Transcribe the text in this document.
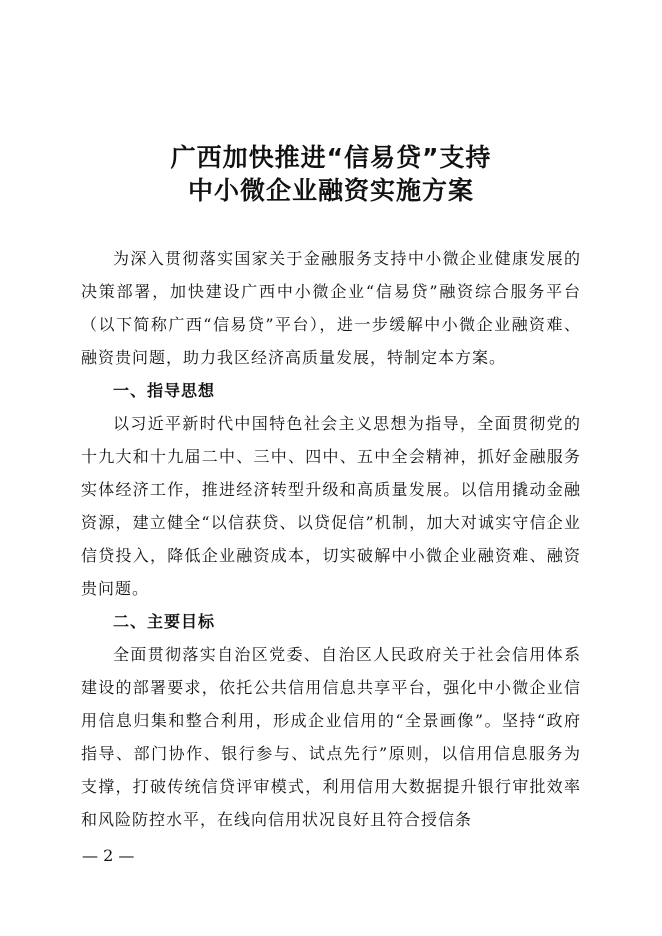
广西加快推进“信易贷”支持
中小微企业融资实施方案

为深入贯彻落实国家关于金融服务支持中小微企业健康发展的决策部署，加快建设广西中小微企业“信易贷”融资综合服务平台（以下简称广西“信易贷”平台），进一步缓解中小微企业融资难、融资贵问题，助力我区经济高质量发展，特制定本方案。

一、指导思想

以习近平新时代中国特色社会主义思想为指导，全面贯彻党的十九大和十九届二中、三中、四中、五中全会精神，抓好金融服务实体经济工作，推进经济转型升级和高质量发展。以信用撬动金融资源，建立健全“以信获贷、以贷促信”机制，加大对诚实守信企业信贷投入，降低企业融资成本，切实破解中小微企业融资难、融资贵问题。

二、主要目标

全面贯彻落实自治区党委、自治区人民政府关于社会信用体系建设的部署要求，依托公共信用信息共享平台，强化中小微企业信用信息归集和整合利用，形成企业信用的“全景画像”。坚持“政府指导、部门协作、银行参与、试点先行”原则，以信用信息服务为支撑，打破传统信贷评审模式，利用信用大数据提升银行审批效率和风险防控水平，在线向信用状况良好且符合授信条

— 2 —
